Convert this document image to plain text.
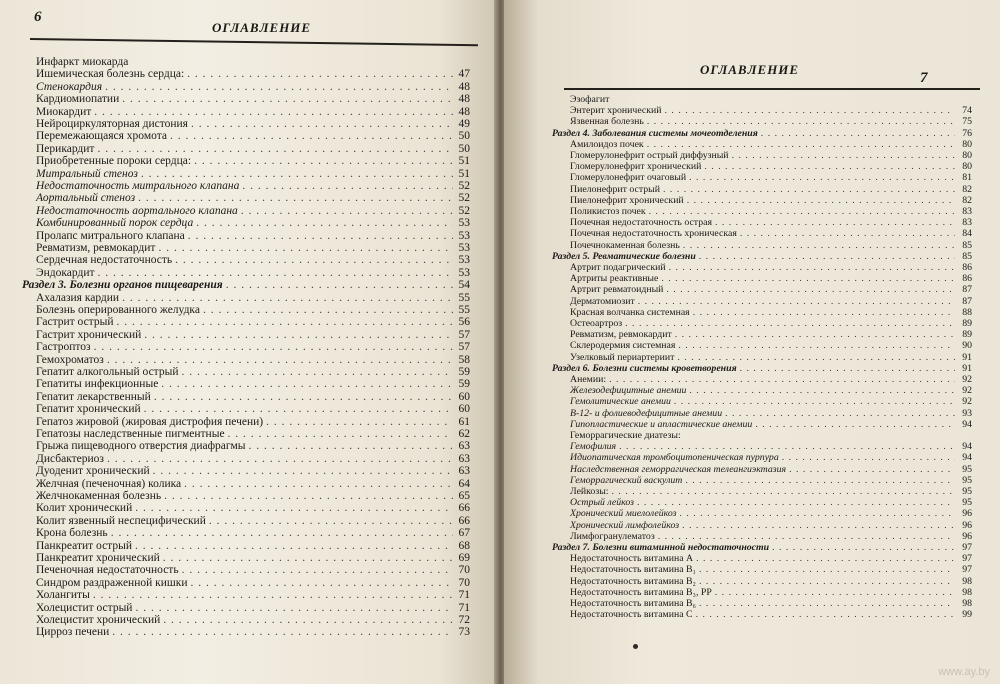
6
ОГЛАВЛЕНИЕ
Инфаркт миокарда
Ишемическая болезнь сердца: . . .	47
Стенокардия . . .	48
Кардиомиопатии . . .	48
Миокардит . . .	48
Нейроциркуляторная дистония . . .	49
Перемежающаяся хромота . . .	50
Перикардит . . .	50
Приобретенные пороки сердца: . . .	51
Митральный стеноз . . .	51
Недостаточность митрального клапана . . .	52
Аортальный стеноз . . .	52
Недостаточность аортального клапана . . .	52
Комбинированный порок сердца . . .	53
Пролапс митрального клапана . . .	53
Ревматизм, ревмокардит . . .	53
Сердечная недостаточность . . .	53
Эндокардит . . .	53
Раздел 3. Болезни органов пищеварения . . .	54
Ахалазия кардии . . .	55
Болезнь оперированного желудка . . .	55
Гастрит острый . . .	56
Гастрит хронический . . .	57
Гастроптоз . . .	57
Гемохроматоз . . .	58
Гепатит алкогольный острый . . .	59
Гепатиты инфекционные . . .	59
Гепатит лекарственный . . .	60
Гепатит хронический . . .	60
Гепатоз жировой (жировая дистрофия печени) . . .	61
Гепатозы наследственные пигментные . . .	62
Грыжа пищеводного отверстия диафрагмы . . .	63
Дисбактериоз . . .	63
Дуоденит хронический . . .	63
Желчная (печеночная) колика . . .	64
Желчнокаменная болезнь . . .	65
Колит хронический . . .	66
Колит язвенный неспецифический . . .	66
Крона болезнь . . .	67
Панкреатит острый . . .	68
Панкреатит хронический . . .	69
Печеночная недостаточность . . .	70
Синдром раздраженной кишки . . .	70
Холангиты . . .	71
Холецистит острый . . .	71
Холецистит хронический . . .	72
Цирроз печени . . .	73
ОГЛАВЛЕНИЕ
7
Эзофагит
Энтерит хронический . . .	74
Язвенная болезнь . . .	75
Раздел 4. Заболевания системы мочеотделения . . .	76
Амилоидоз почек . . .	80
Гломерулонефрит острый диффузный . . .	80
Гломерулонефрит хронический . . .	80
Гломерулонефрит очаговый . . .	81
Пиелонефрит острый . . .	82
Пиелонефрит хронический . . .	82
Поликистоз почек . . .	83
Почечная недостаточность острая . . .	83
Почечная недостаточность хроническая . . .	84
Почечнокаменная болезнь . . .	85
Раздел 5. Ревматические болезни . . .	85
Артрит подагрический . . .	86
Артриты реактивные . . .	86
Артрит ревматоидный . . .	87
Дерматомиозит . . .	87
Красная волчанка системная . . .	88
Остеоартроз . . .	89
Ревматизм, ревмокардит . . .	89
Склеродермия системная . . .	90
Узелковый периартериит . . .	91
Раздел 6. Болезни системы кроветворения . . .	91
Анемии: . . .	92
Железодефицитные анемии . . .	92
Гемолитические анемии . . .	92
В-12- и фолиеводефицитные анемии . . .	93
Гипопластические и апластические анемии . . .	94
Геморрагические диатезы:
Гемофилия . . .	94
Идиопатическая тромбоцитопеническая пурпура . . .	94
Наследственная геморрагическая телеангиэктазия . . .	95
Геморрагический васкулит . . .	95
Лейкозы: . . .	95
Острый лейкоз . . .	95
Хронический миелолейкоз . . .	96
Хронический лимфолейкоз . . .	96
Лимфогранулематоз . . .	96
Раздел 7. Болезни витаминной недостаточности . . .	97
Недостаточность витамина А . . .	97
Недостаточность витамина В₁ . . .	97
Недостаточность витамина В₂ . . .	98
Недостаточность витамина В₃, РР . . .	98
Недостаточность витамина В₆ . . .	98
Недостаточность витамина С . . .	99
www.ay.by
